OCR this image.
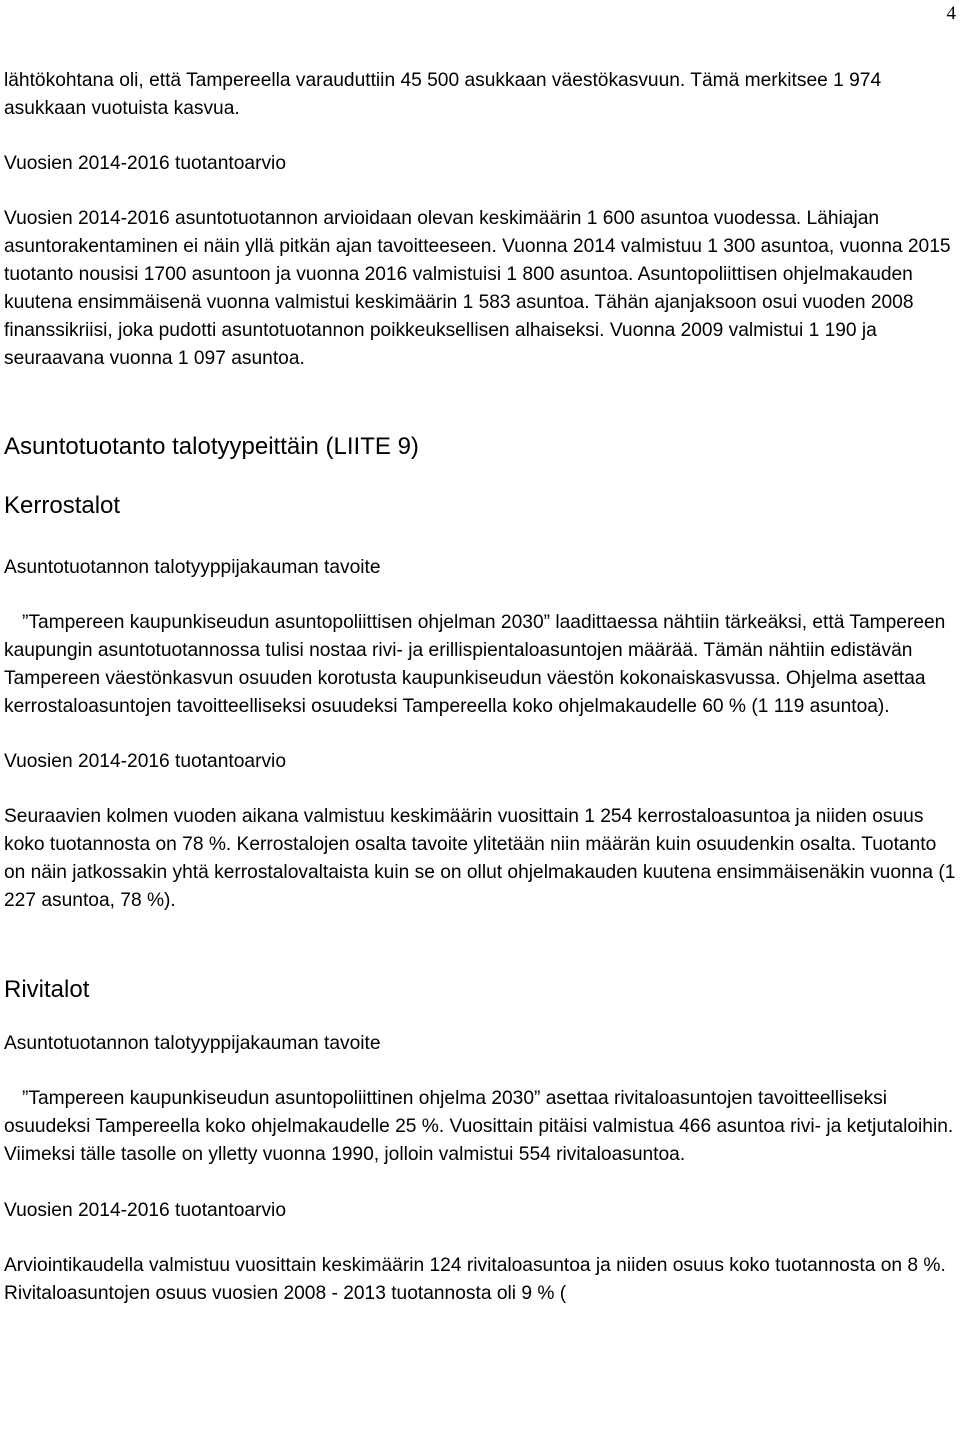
4

lähtökohtana oli, että Tampereella varauduttiin 45 500 asukkaan väestökasvuun. Tämä merkitsee 1 974 asukkaan vuotuista kasvua.

Vuosien 2014-2016 tuotantoarvio

Vuosien 2014-2016 asuntotuotannon arvioidaan olevan keskimäärin 1 600 asuntoa vuodessa. Lähiajan asuntorakentaminen ei näin yllä pitkän ajan tavoitteeseen. Vuonna 2014 valmistuu 1 300 asuntoa, vuonna 2015 tuotanto nousisi 1700 asuntoon ja vuonna 2016 valmistuisi 1 800 asuntoa. Asuntopoliittisen ohjelmakauden kuutena ensimmäisenä vuonna valmistui keskimäärin 1 583 asuntoa. Tähän ajanjaksoon osui vuoden 2008 finanssikriisi, joka pudotti asuntotuotannon poikkeuksellisen alhaiseksi. Vuonna 2009 valmistui 1 190 ja seuraavana vuonna 1 097 asuntoa.

Asuntotuotanto talotyypeittäin (LIITE 9)
Kerrostalot
Asuntotuotannon talotyyppijakauman tavoite

”Tampereen kaupunkiseudun asuntopoliittisen ohjelman 2030” laadittaessa nähtiin tärkeäksi, että Tampereen kaupungin asuntotuotannossa tulisi nostaa rivi- ja erillispientaloasuntojen määrää. Tämän nähtiin edistävän Tampereen väestönkasvun osuuden korotusta kaupunkiseudun väestön kokonaiskasvussa. Ohjelma asettaa kerrostaloasuntojen tavoitteelliseksi osuudeksi Tampereella koko ohjelmakaudelle 60 % (1 119 asuntoa).

Vuosien 2014-2016 tuotantoarvio

Seuraavien kolmen vuoden aikana valmistuu keskimäärin vuosittain 1 254 kerrostaloasuntoa ja niiden osuus koko tuotannosta on 78 %. Kerrostalojen osalta tavoite ylitetään niin määrän kuin osuudenkin osalta. Tuotanto on näin jatkossakin yhtä kerrostalovaltaista kuin se on ollut ohjelmakauden kuutena ensimmäisenäkin vuonna (1 227 asuntoa, 78 %).

Rivitalot
Asuntotuotannon talotyyppijakauman tavoite

”Tampereen kaupunkiseudun asuntopoliittinen ohjelma 2030” asettaa rivitaloasuntojen tavoitteelliseksi osuudeksi Tampereella koko ohjelmakaudelle 25 %. Vuosittain pitäisi valmistua 466 asuntoa rivi- ja ketjutaloihin. Viimeksi tälle tasolle on ylletty vuonna 1990, jolloin valmistui 554 rivitaloasuntoa.

Vuosien 2014-2016 tuotantoarvio

Arviointikaudella valmistuu vuosittain keskimäärin 124 rivitaloasuntoa ja niiden osuus koko tuotannosta on 8 %. Rivitaloasuntojen osuus vuosien 2008 - 2013 tuotannosta oli 9 % (
